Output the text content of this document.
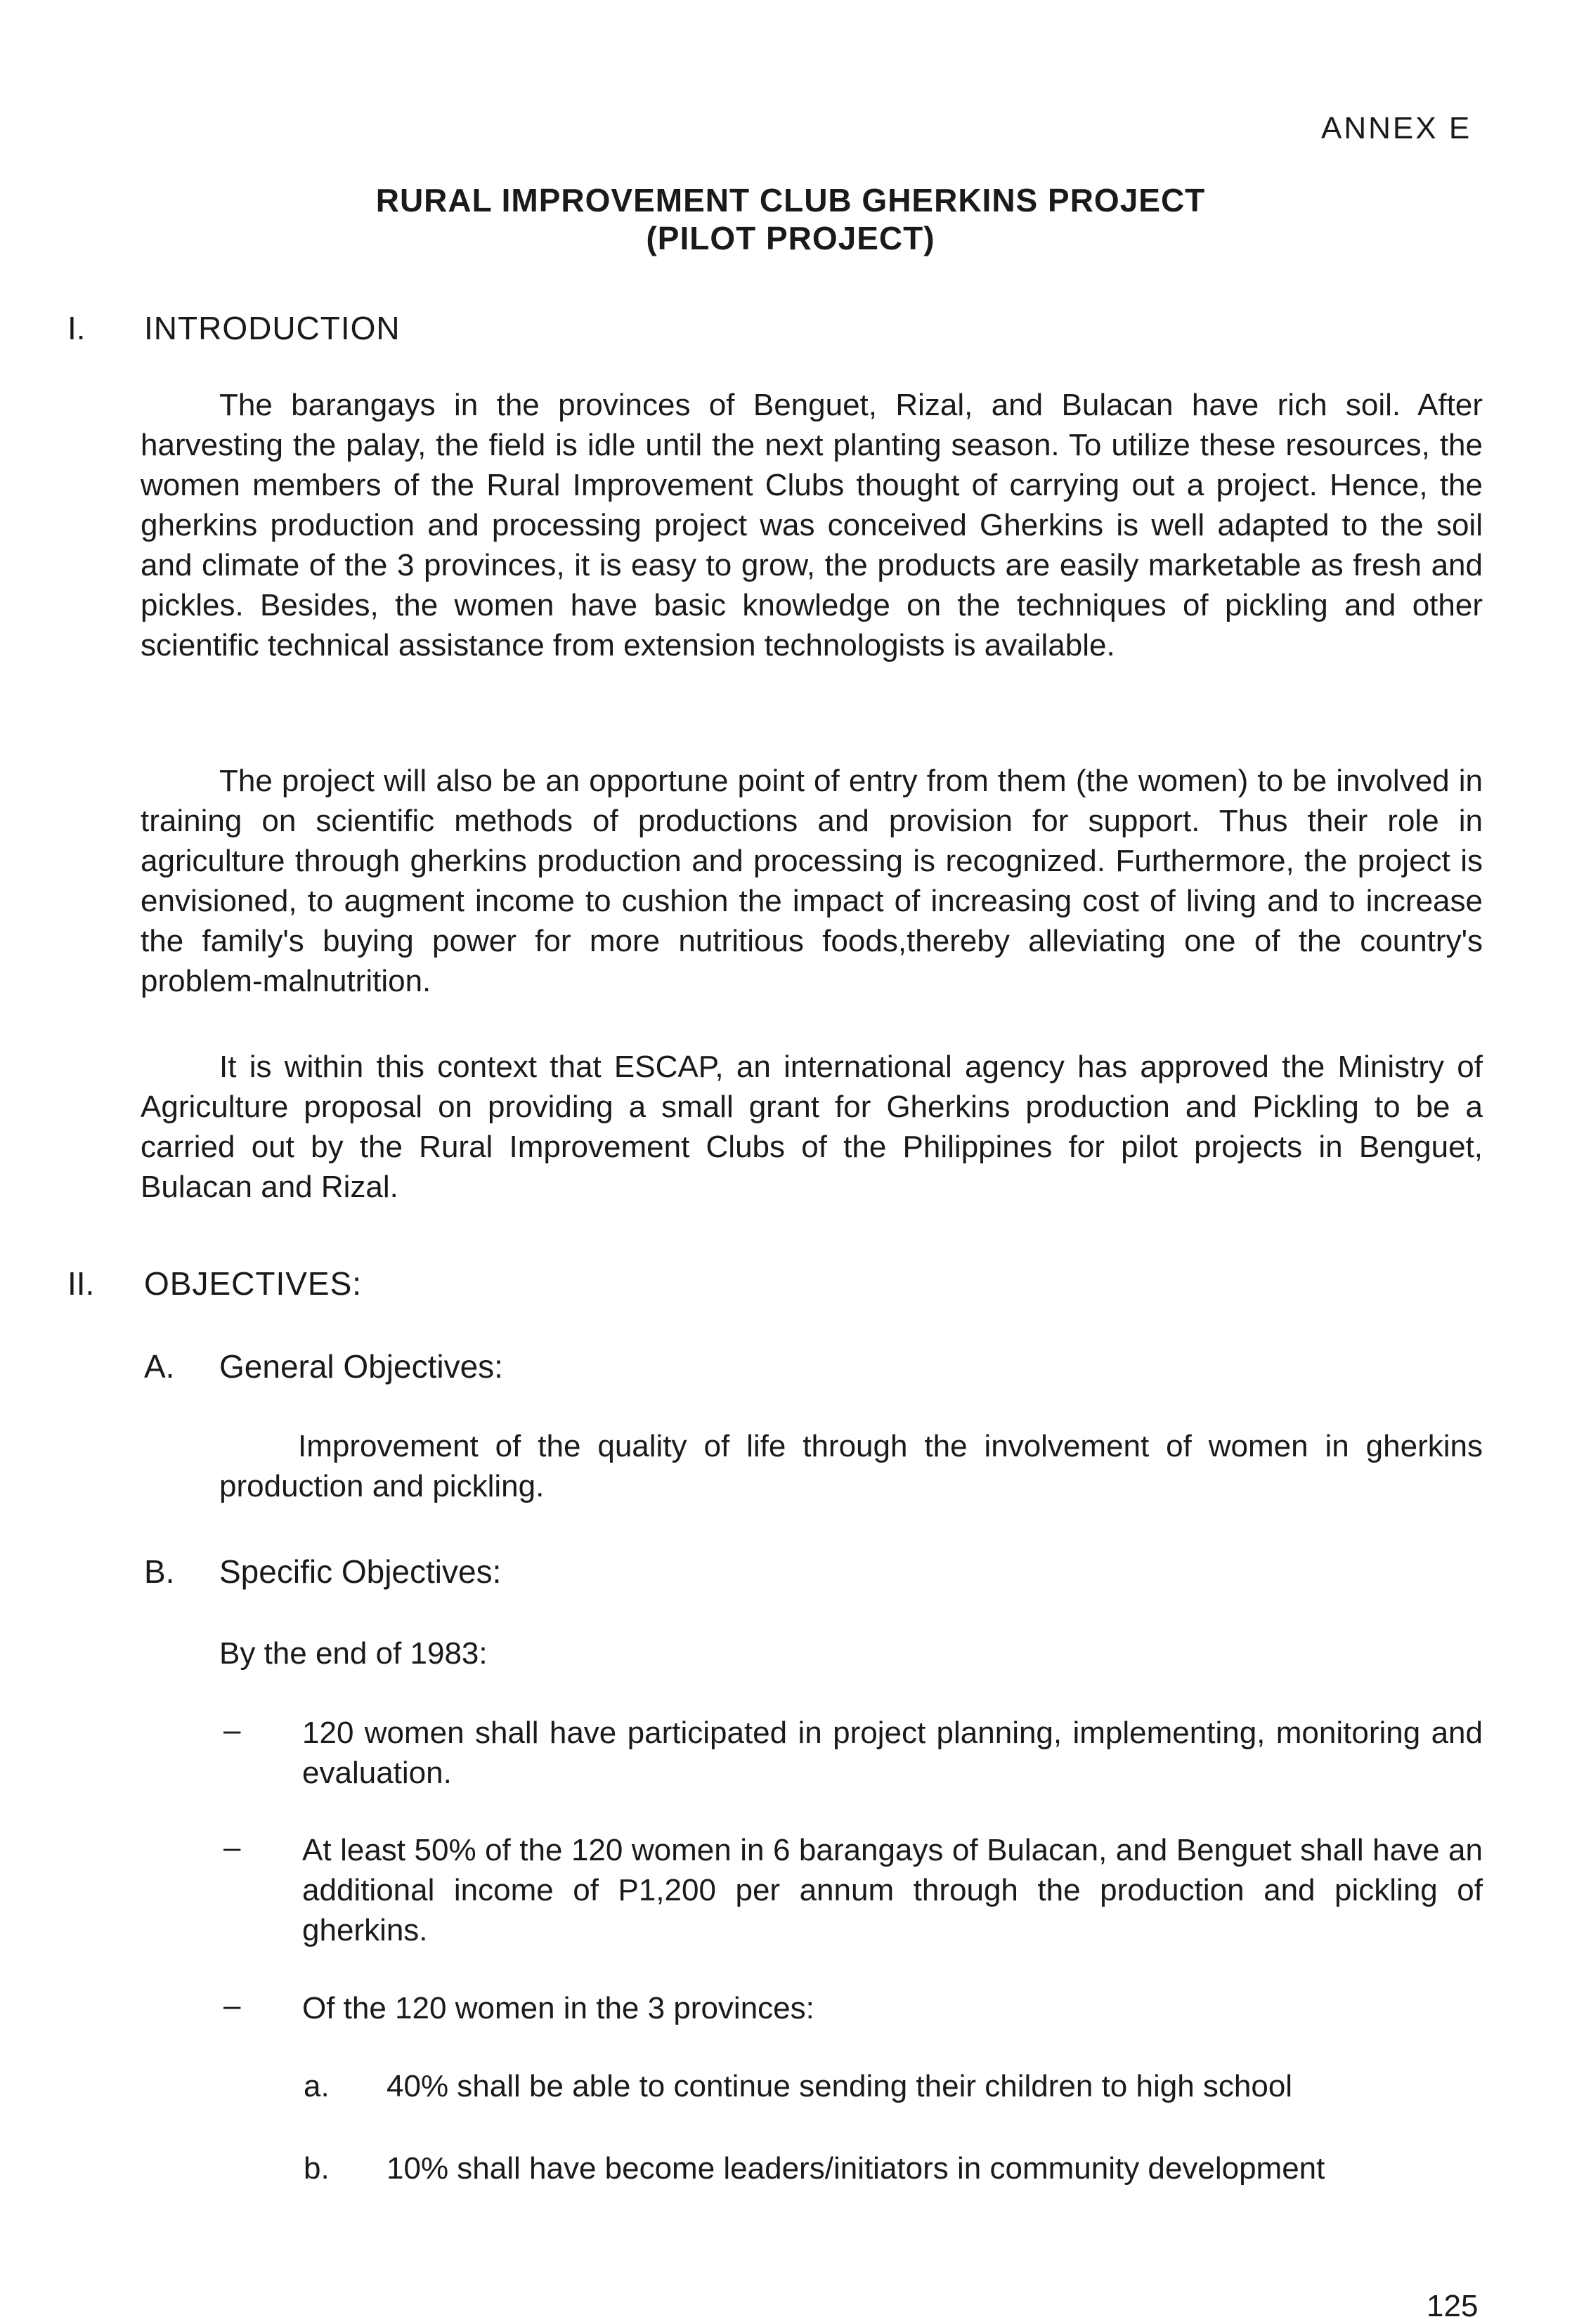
ANNEX E
RURAL IMPROVEMENT CLUB GHERKINS PROJECT
(PILOT PROJECT)
I. INTRODUCTION

The barangays in the provinces of Benguet, Rizal, and Bulacan have rich soil. After harvesting the palay, the field is idle until the next planting season. To utilize these resources, the women members of the Rural Improvement Clubs thought of carrying out a project. Hence, the gherkins production and processing project was conceived Gherkins is well adapted to the soil and climate of the 3 provinces, it is easy to grow, the products are easily marketable as fresh and pickles. Besides, the women have basic knowledge on the techniques of pickling and other scientific technical assistance from extension technologists is available.

The project will also be an opportune point of entry from them (the women) to be involved in training on scientific methods of productions and provision for support. Thus their role in agriculture through gherkins production and processing is recognized. Furthermore, the project is envisioned, to augment income to cushion the impact of increasing cost of living and to increase the family's buying power for more nutritious foods,thereby alleviating one of the country's problem-malnutrition.

It is within this context that ESCAP, an international agency has approved the Ministry of Agriculture proposal on providing a small grant for Gherkins production and Pickling to be a carried out by the Rural Improvement Clubs of the Philippines for pilot projects in Benguet, Bulacan and Rizal.

II. OBJECTIVES:
A. General Objectives:

Improvement of the quality of life through the involvement of women in gherkins production and pickling.

B. Specific Objectives:
By the end of 1983:
– 120 women shall have participated in project planning, implementing, monitoring and evaluation.

– At least 50% of the 120 women in 6 barangays of Bulacan, and Benguet shall have an additional income of P1,200 per annum through the production and pickling of gherkins.

– Of the 120 women in the 3 provinces:

a. 40% shall be able to continue sending their children to high school

b. 10% shall have become leaders/initiators in community development

125
